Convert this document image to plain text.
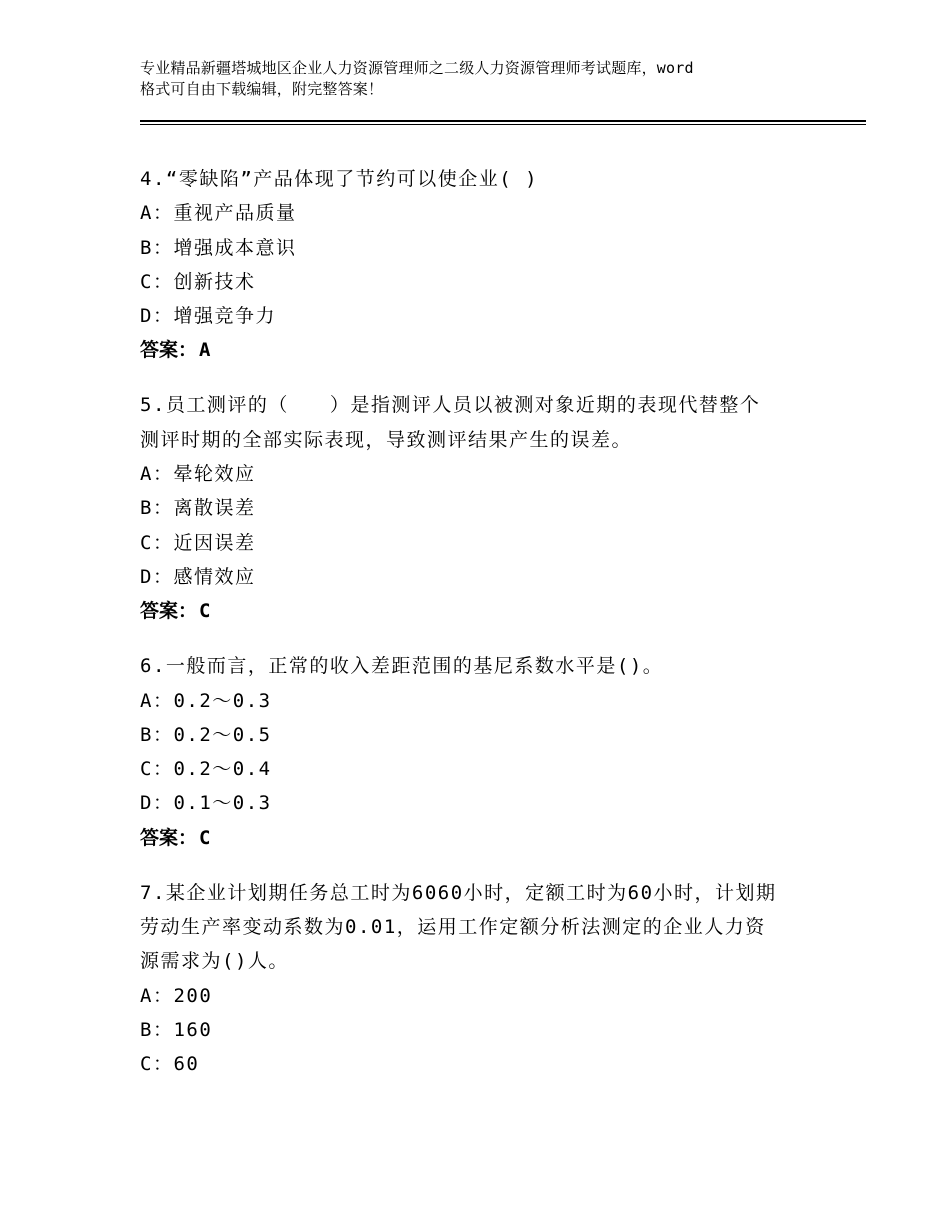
专业精品新疆塔城地区企业人力资源管理师之二级人力资源管理师考试题库，word
格式可自由下载编辑，附完整答案！
4.“零缺陷”产品体现了节约可以使企业( )
A：重视产品质量
B：增强成本意识
C：创新技术
D：增强竞争力
答案： A
5.员工测评的（　　）是指测评人员以被测对象近期的表现代替整个
测评时期的全部实际表现，导致测评结果产生的误差。
A：晕轮效应
B：离散误差
C：近因误差
D：感情效应
答案： C
6.一般而言，正常的收入差距范围的基尼系数水平是()。
A：0.2～0.3
B：0.2～0.5
C：0.2～0.4
D：0.1～0.3
答案： C
7.某企业计划期任务总工时为6060小时，定额工时为60小时，计划期
劳动生产率变动系数为0.01，运用工作定额分析法测定的企业人力资
源需求为()人。
A：200
B：160
C：60
